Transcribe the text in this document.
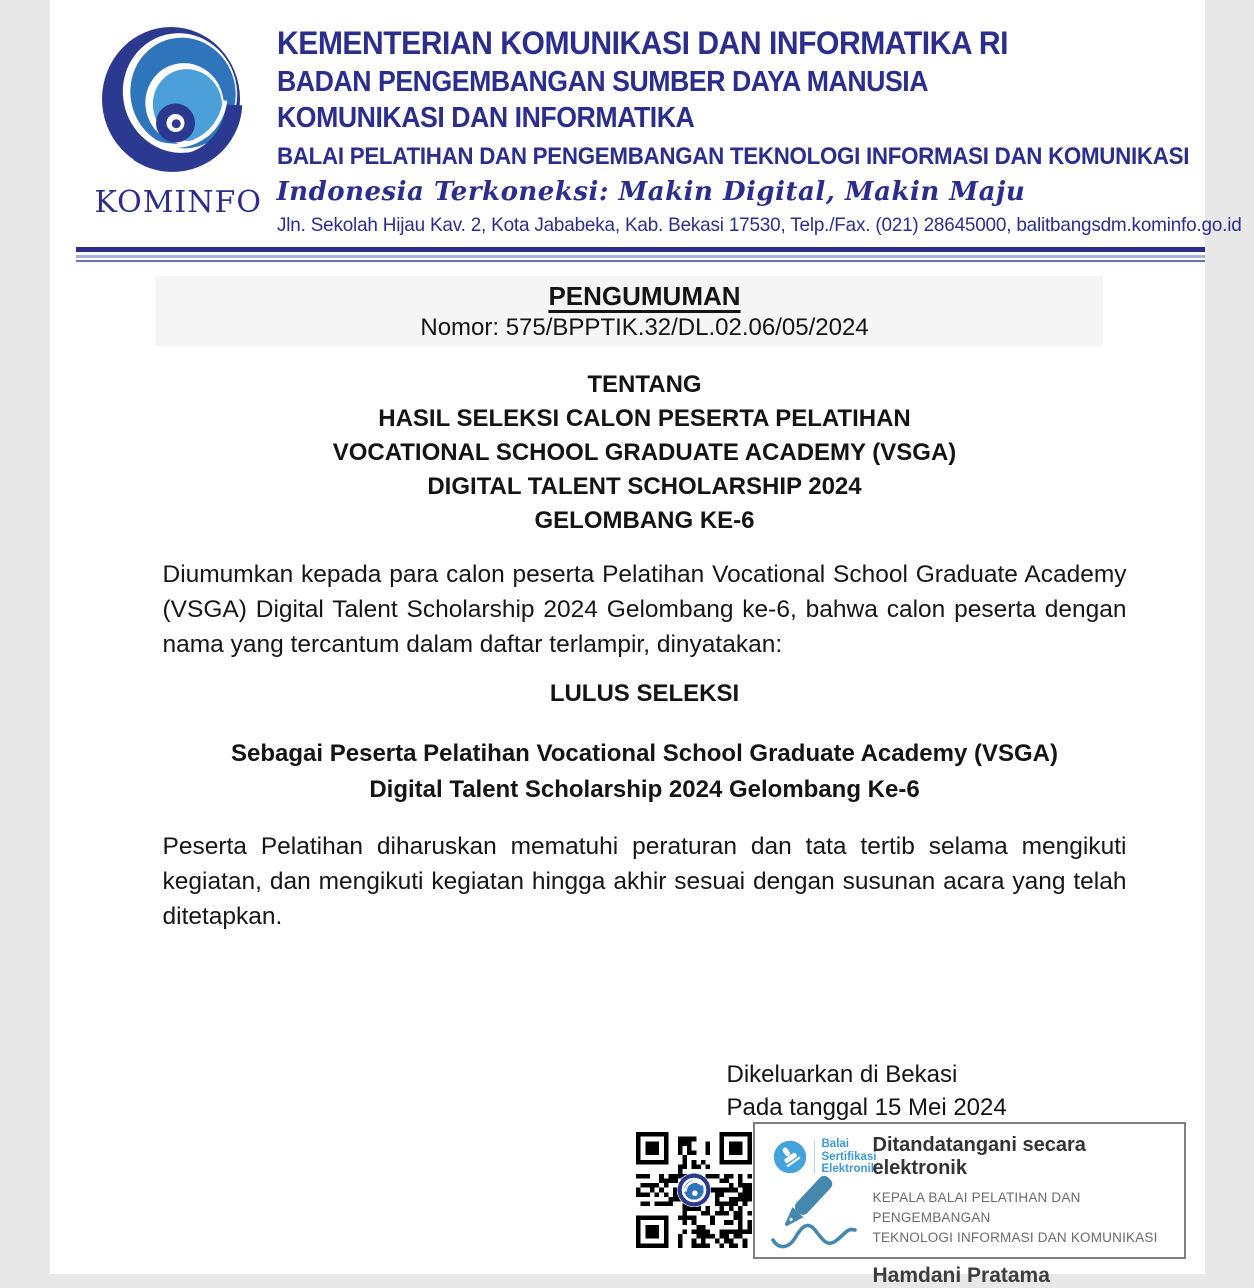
KOMINFO
KEMENTERIAN KOMUNIKASI DAN INFORMATIKA RI
BADAN PENGEMBANGAN SUMBER DAYA MANUSIA
KOMUNIKASI DAN INFORMATIKA
BALAI PELATIHAN DAN PENGEMBANGAN TEKNOLOGI INFORMASI DAN KOMUNIKASI
Indonesia Terkoneksi: Makin Digital, Makin Maju
Jln. Sekolah Hijau Kav. 2, Kota Jababeka, Kab. Bekasi 17530, Telp./Fax. (021) 28645000, balitbangsdm.kominfo.go.id
PENGUMUMAN
Nomor: 575/BPPTIK.32/DL.02.06/05/2024
TENTANG
HASIL SELEKSI CALON PESERTA PELATIHAN
VOCATIONAL SCHOOL GRADUATE ACADEMY (VSGA)
DIGITAL TALENT SCHOLARSHIP 2024
GELOMBANG KE-6
Diumumkan kepada para calon peserta Pelatihan Vocational School Graduate Academy (VSGA) Digital Talent Scholarship 2024 Gelombang ke-6, bahwa calon peserta dengan nama yang tercantum dalam daftar terlampir, dinyatakan:
LULUS SELEKSI
Sebagai Peserta Pelatihan Vocational School Graduate Academy (VSGA)
Digital Talent Scholarship 2024 Gelombang Ke-6
Peserta Pelatihan diharuskan mematuhi peraturan dan tata tertib selama mengikuti kegiatan, dan mengikuti kegiatan hingga akhir sesuai dengan susunan acara yang telah ditetapkan.
Dikeluarkan di Bekasi
Pada tanggal 15 Mei 2024
Balai
Sertifikasi
Elektronik
Ditandatangani secara elektronik
KEPALA BALAI PELATIHAN DAN PENGEMBANGAN
TEKNOLOGI INFORMASI DAN KOMUNIKASI
Hamdani Pratama
